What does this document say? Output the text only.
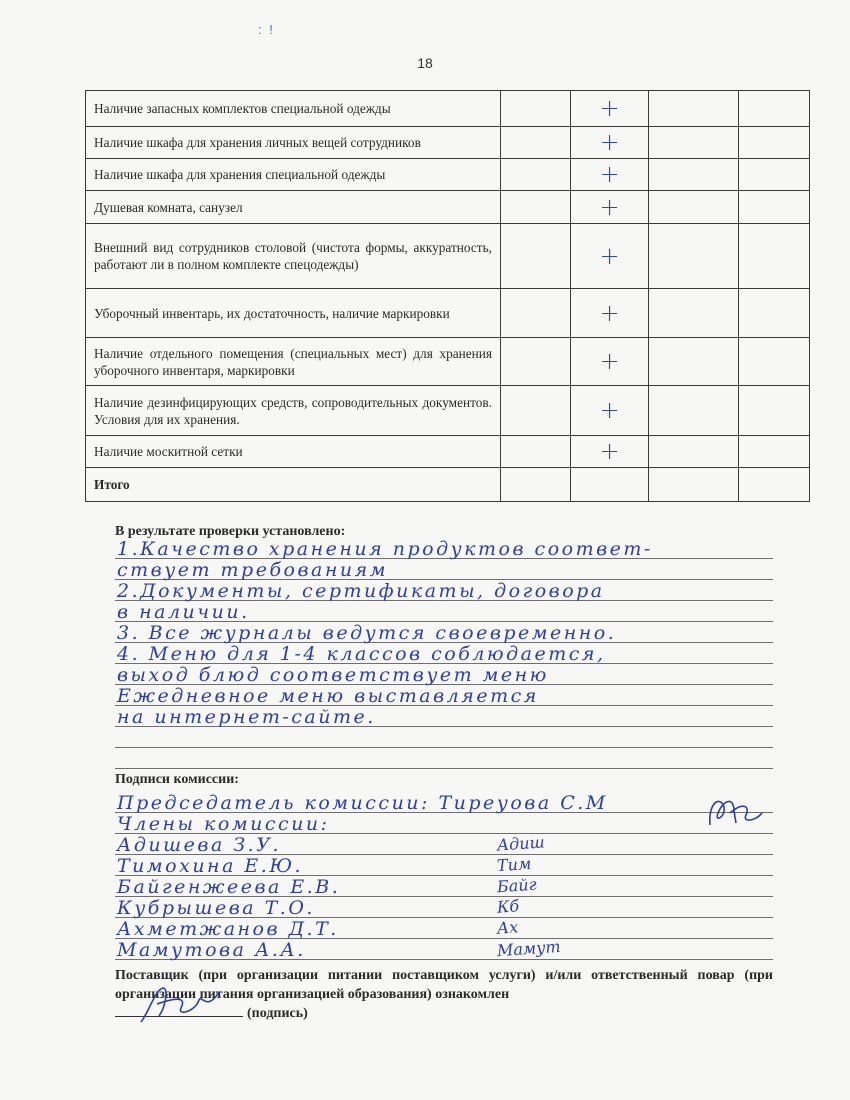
: !
18
Наличие запасных комплектов специальной одежды		+		
Наличие шкафа для хранения личных вещей сотрудников		+		
Наличие шкафа для хранения специальной одежды		+		
Душевая комната, санузел		+		
Внешний вид сотрудников столовой (чистота формы, аккуратность, работают ли в полном комплекте спецодежды)		+		
Уборочный инвентарь, их достаточность, наличие маркировки		+		
Наличие отдельного помещения (специальных мест) для хранения уборочного инвентаря, маркировки		+		
Наличие дезинфицирующих средств, сопроводительных документов. Условия для их хранения.		+		
Наличие москитной сетки		+		
Итого				
В результате проверки установлено:
1.Качество хранения продуктов соответ-
ствует требованиям
2.Документы, сертификаты, договора
в наличии.
3. Все журналы ведутся своевременно.
4. Меню для 1-4 классов соблюдается,
выход блюд соответствует меню
Ежедневное меню выставляется
на интернет-сайте.
Подписи комиссии:
Председатель комиссии: Тиреуова С.М
Члены комиссии:
Адишева З.У.	Адиш
Тимохина Е.Ю.	Тим
Байгенжеева Е.В.	Байг
Кубрышева Т.О.	Кб
Ахметжанов Д.Т.	Ах
Мамутова А.А.	Мамут
Поставщик (при организации питании поставщиком услуги) и/или ответственный повар (при организации питания организацией образования) ознакомлен
(подпись)
